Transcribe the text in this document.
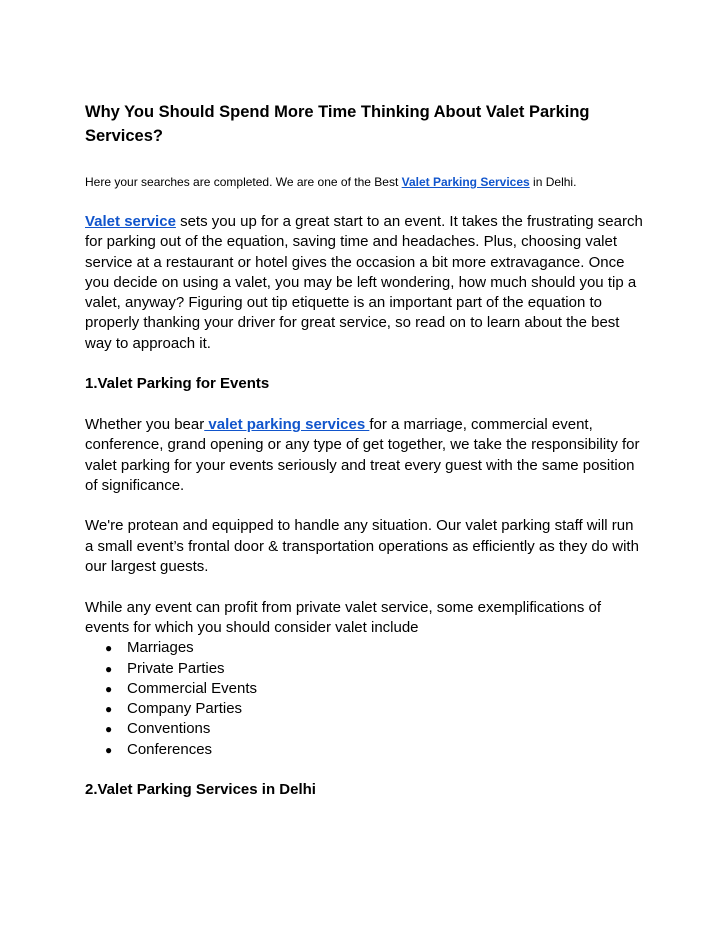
Why You Should Spend More Time Thinking About Valet Parking Services?

Here your searches are completed. We are one of the Best Valet Parking Services in Delhi.

Valet service sets you up for a great start to an event. It takes the frustrating search for parking out of the equation, saving time and headaches. Plus, choosing valet service at a restaurant or hotel gives the occasion a bit more extravagance. Once you decide on using a valet, you may be left wondering, how much should you tip a valet, anyway? Figuring out tip etiquette is an important part of the equation to properly thanking your driver for great service, so read on to learn about the best way to approach it.

1.Valet Parking for Events

Whether you bear valet parking services for a marriage, commercial event, conference, grand opening or any type of get together, we take the responsibility for valet parking for your events seriously and treat every guest with the same position of significance.

We're protean and equipped to handle any situation. Our valet parking staff will run a small event’s frontal door & transportation operations as efficiently as they do with our largest guests.

While any event can profit from private valet service, some exemplifications of events for which you should consider valet include

● Marriages
● Private Parties
● Commercial Events
● Company Parties
● Conventions
● Conferences

2.Valet Parking Services in Delhi
